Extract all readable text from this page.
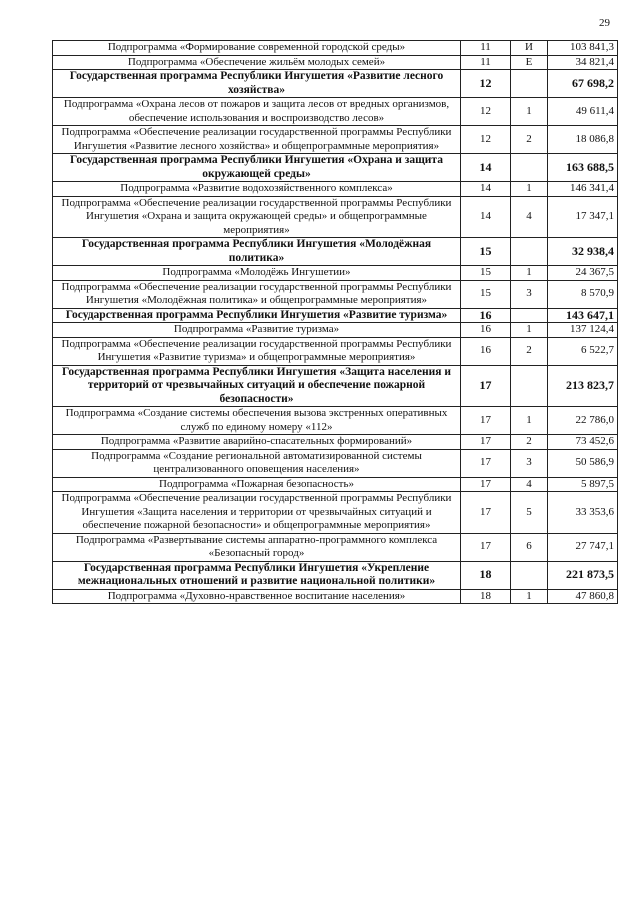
29
Подпрограмма «Формирование современной городской среды»	11	И	103 841,3
Подпрограмма «Обеспечение жильём молодых семей»	11	Е	34 821,4
Государственная программа Республики Ингушетия «Развитие лесного хозяйства»	12		67 698,2
Подпрограмма «Охрана лесов от пожаров и защита лесов от вредных организмов, обеспечение использования и воспроизводство лесов»	12	1	49 611,4
Подпрограмма «Обеспечение реализации государственной программы Республики Ингушетия «Развитие лесного хозяйства» и общепрограммные мероприятия»	12	2	18 086,8
Государственная программа Республики Ингушетия «Охрана и защита окружающей среды»	14		163 688,5
Подпрограмма «Развитие водохозяйственного комплекса»	14	1	146 341,4
Подпрограмма «Обеспечение реализации государственной программы Республики Ингушетия «Охрана и защита окружающей среды» и общепрограммные мероприятия»	14	4	17 347,1
Государственная программа Республики Ингушетия «Молодёжная политика»	15		32 938,4
Подпрограмма «Молодёжь Ингушетии»	15	1	24 367,5
Подпрограмма «Обеспечение реализации государственной программы Республики Ингушетия «Молодёжная политика» и общепрограммные мероприятия»	15	3	8 570,9
Государственная программа Республики Ингушетия «Развитие туризма»	16		143 647,1
Подпрограмма «Развитие туризма»	16	1	137 124,4
Подпрограмма «Обеспечение реализации государственной программы Республики Ингушетия «Развитие туризма» и общепрограммные мероприятия»	16	2	6 522,7
Государственная программа Республики Ингушетия «Защита населения и территорий от чрезвычайных ситуаций и обеспечение пожарной безопасности»	17		213 823,7
Подпрограмма «Создание системы обеспечения вызова экстренных оперативных служб по единому номеру «112»	17	1	22 786,0
Подпрограмма «Развитие аварийно-спасательных формирований»	17	2	73 452,6
Подпрограмма «Создание региональной автоматизированной системы централизованного оповещения населения»	17	3	50 586,9
Подпрограмма «Пожарная безопасность»	17	4	5 897,5
Подпрограмма «Обеспечение реализации государственной программы Республики Ингушетия «Защита населения и территории от чрезвычайных ситуаций и обеспечение пожарной безопасности» и общепрограммные мероприятия»	17	5	33 353,6
Подпрограмма «Развертывание системы аппаратно-программного комплекса «Безопасный город»	17	6	27 747,1
Государственная программа Республики Ингушетия «Укрепление межнациональных отношений и развитие национальной политики»	18		221 873,5
Подпрограмма «Духовно-нравственное воспитание населения»	18	1	47 860,8
